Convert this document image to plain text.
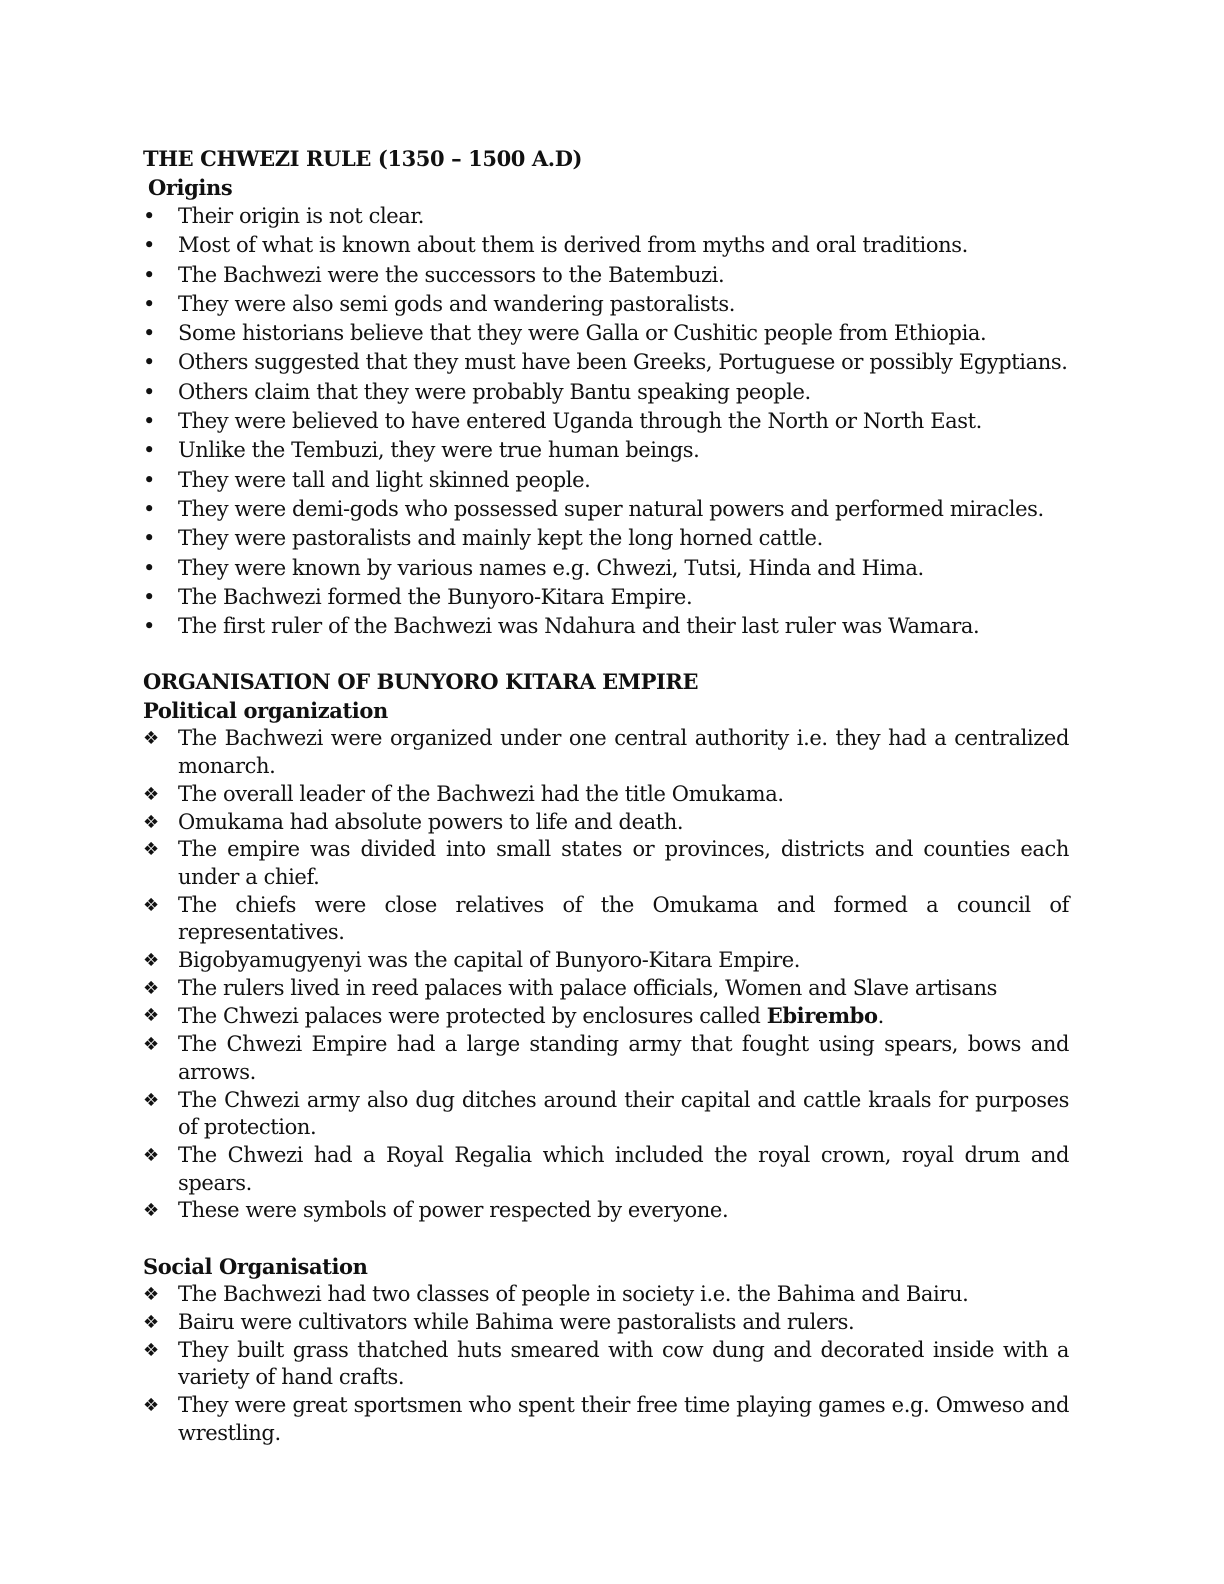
THE CHWEZI RULE (1350 – 1500 A.D)
Origins
•	Their origin is not clear.
•	Most of what is known about them is derived from myths and oral traditions.
•	The Bachwezi were the successors to the Batembuzi.
•	They were also semi gods and wandering pastoralists.
•	Some historians believe that they were Galla or Cushitic people from Ethiopia.
•	Others suggested that they must have been Greeks, Portuguese or possibly Egyptians.
•	Others claim that they were probably Bantu speaking people.
•	They were believed to have entered Uganda through the North or North East.
•	Unlike the Tembuzi, they were true human beings.
•	They were tall and light skinned people.
•	They were demi-gods who possessed super natural powers and performed miracles.
•	They were pastoralists and mainly kept the long horned cattle.
•	They were known by various names e.g. Chwezi, Tutsi, Hinda and Hima.
•	The Bachwezi formed the Bunyoro-Kitara Empire.
•	The first ruler of the Bachwezi was Ndahura and their last ruler was Wamara.
ORGANISATION OF BUNYORO KITARA EMPIRE
Political organization
❖ The Bachwezi were organized under one central authority i.e. they had a centralized monarch.
❖ The overall leader of the Bachwezi had the title Omukama.
❖ Omukama had absolute powers to life and death.
❖ The empire was divided into small states or provinces, districts and counties each under a chief.
❖ The chiefs were close relatives of the Omukama and formed a council of representatives.
❖ Bigobyamugyenyi was the capital of Bunyoro-Kitara Empire.
❖ The rulers lived in reed palaces with palace officials, Women and Slave artisans
❖ The Chwezi palaces were protected by enclosures called Ebirembo.
❖ The Chwezi Empire had a large standing army that fought using spears, bows and arrows.
❖ The Chwezi army also dug ditches around their capital and cattle kraals for purposes of protection.
❖ The Chwezi had a Royal Regalia which included the royal crown, royal drum and spears.
❖ These were symbols of power respected by everyone.
Social Organisation
❖ The Bachwezi had two classes of people in society i.e. the Bahima and Bairu.
❖ Bairu were cultivators while Bahima were pastoralists and rulers.
❖ They built grass thatched huts smeared with cow dung and decorated inside with a variety of hand crafts.
❖ They were great sportsmen who spent their free time playing games e.g. Omweso and wrestling.
